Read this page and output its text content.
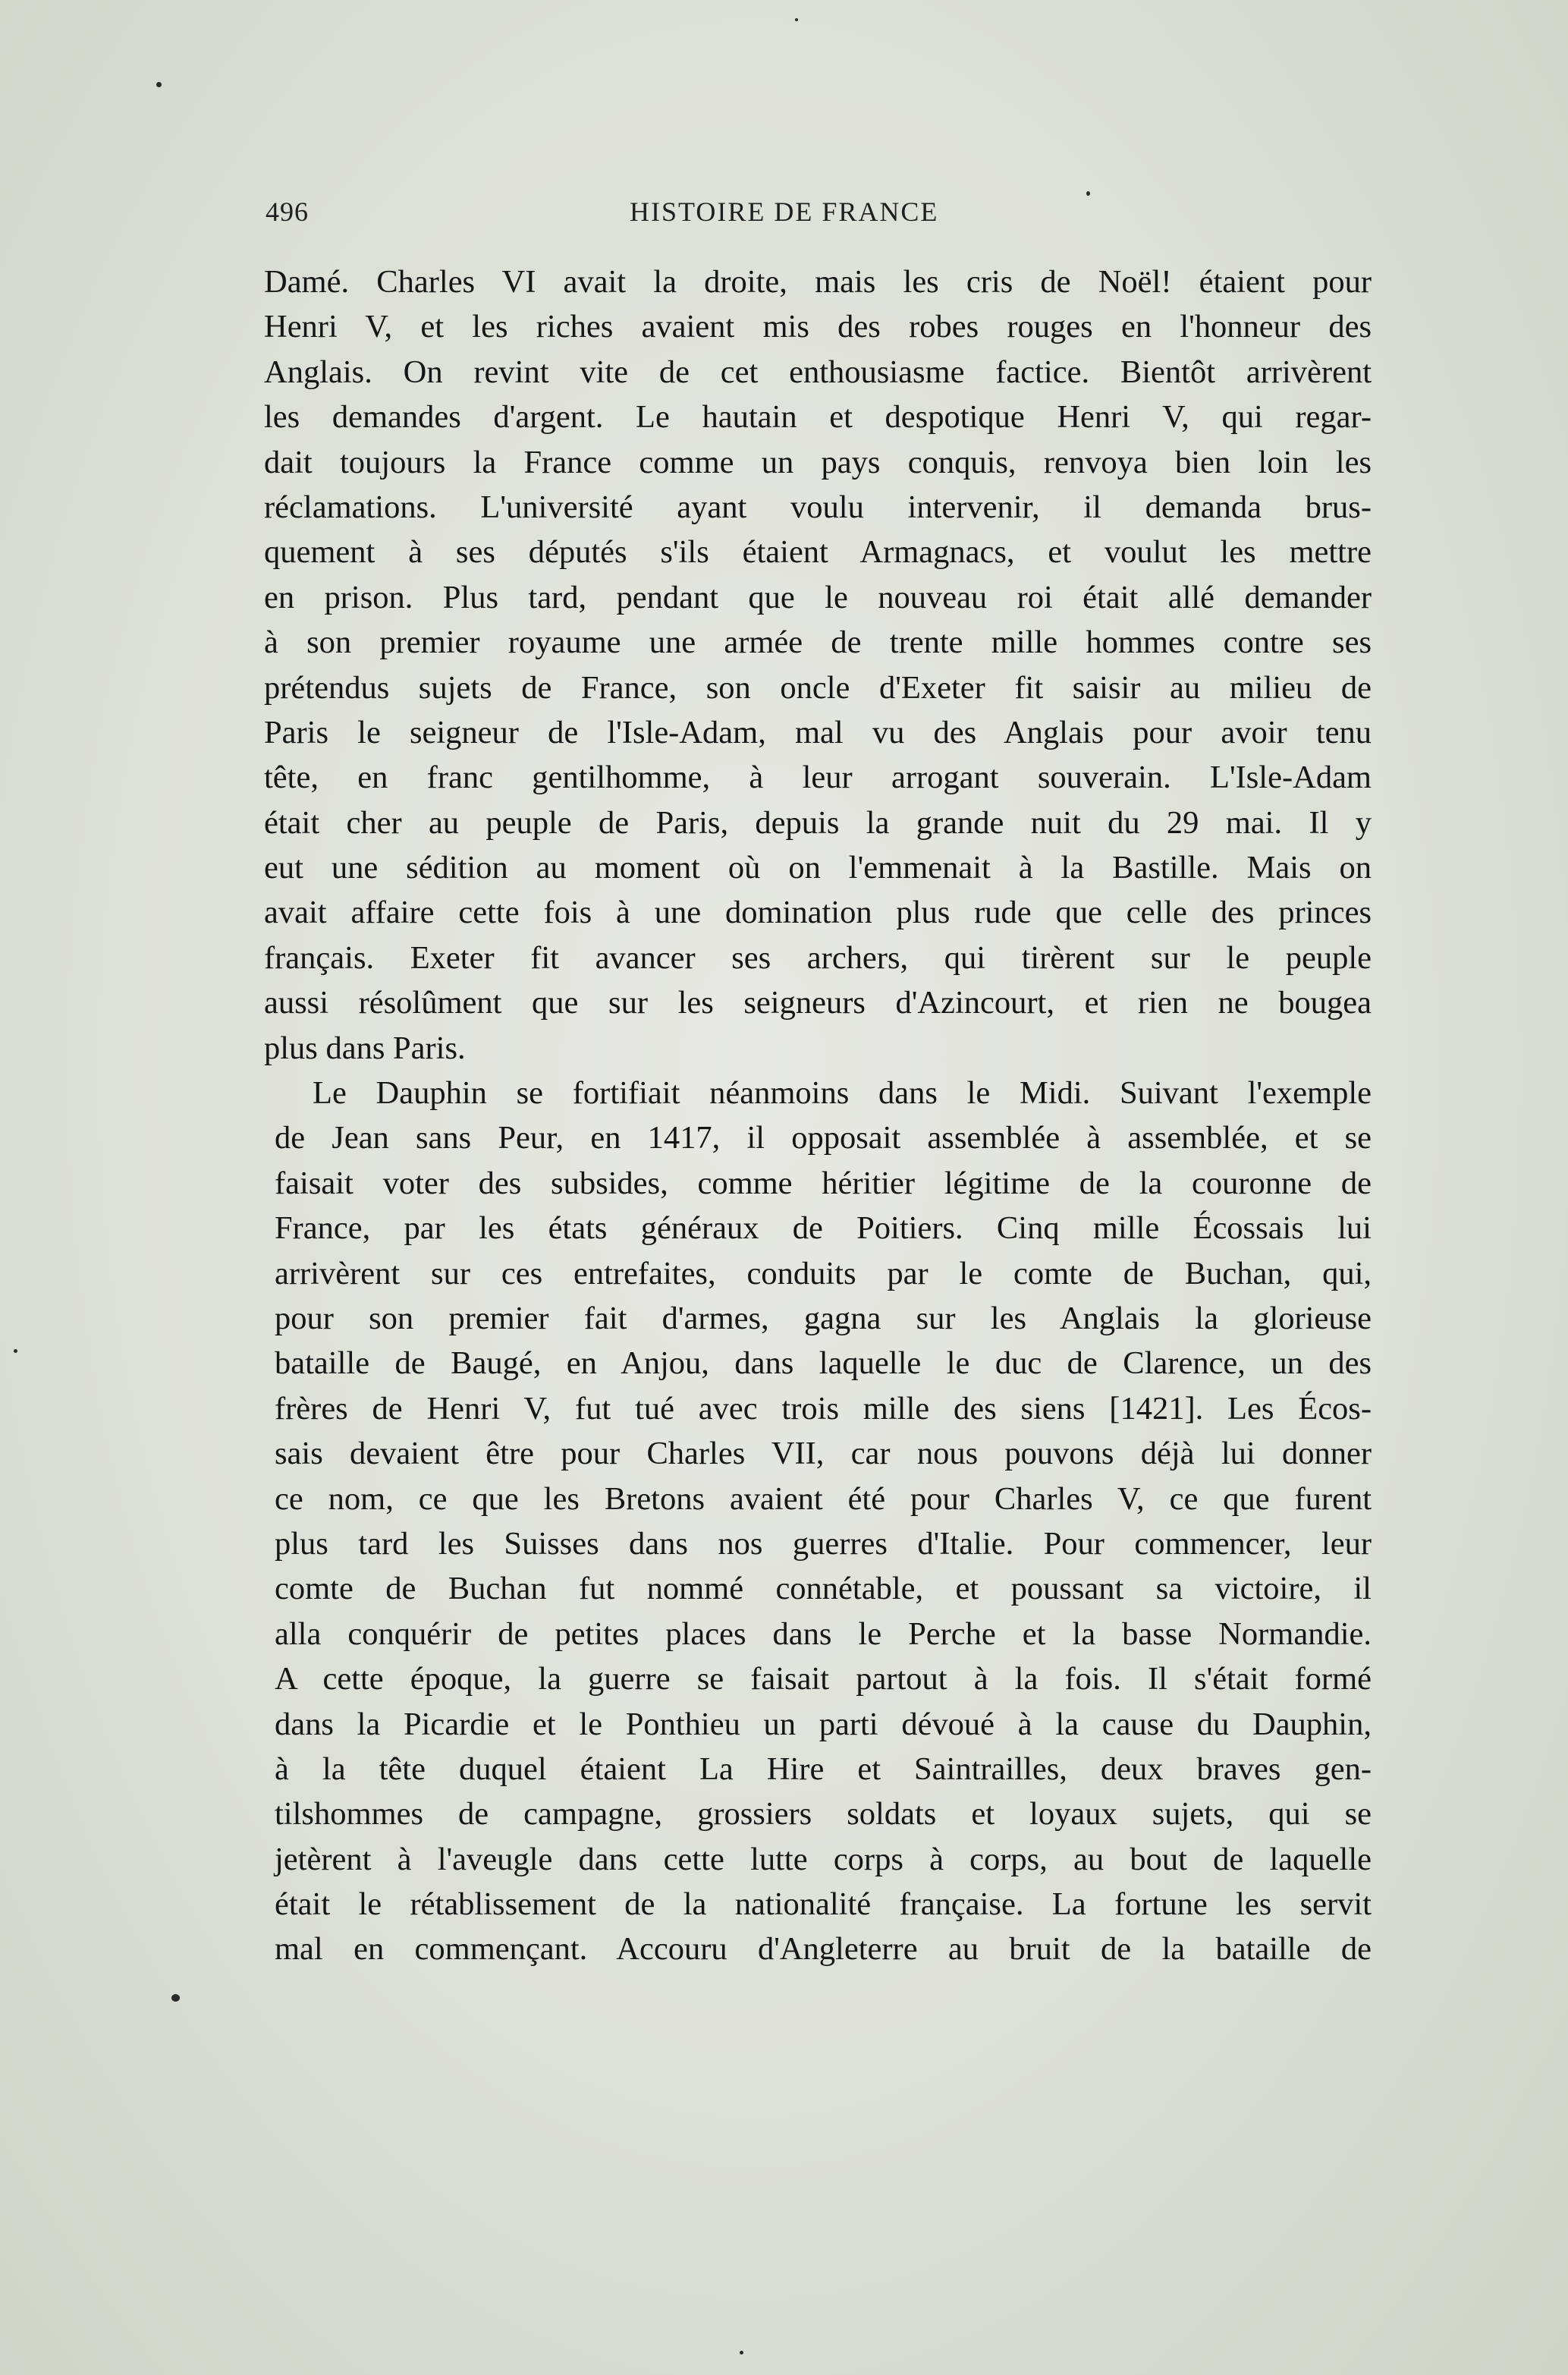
496	HISTOIRE DE FRANCE
Damé. Charles VI avait la droite, mais les cris de Noël! étaient pour
Henri V, et les riches avaient mis des robes rouges en l'honneur des
Anglais. On revint vite de cet enthousiasme factice. Bientôt arrivèrent
les demandes d'argent. Le hautain et despotique Henri V, qui regar-
dait toujours la France comme un pays conquis, renvoya bien loin les
réclamations. L'université ayant voulu intervenir, il demanda brus-
quement à ses députés s'ils étaient Armagnacs, et voulut les mettre
en prison. Plus tard, pendant que le nouveau roi était allé demander
à son premier royaume une armée de trente mille hommes contre ses
prétendus sujets de France, son oncle d'Exeter fit saisir au milieu de
Paris le seigneur de l'Isle-Adam, mal vu des Anglais pour avoir tenu
tête, en franc gentilhomme, à leur arrogant souverain. L'Isle-Adam
était cher au peuple de Paris, depuis la grande nuit du 29 mai. Il y
eut une sédition au moment où on l'emmenait à la Bastille. Mais on
avait affaire cette fois à une domination plus rude que celle des princes
français. Exeter fit avancer ses archers, qui tirèrent sur le peuple
aussi résolûment que sur les seigneurs d'Azincourt, et rien ne bougea
plus dans Paris.
Le Dauphin se fortifiait néanmoins dans le Midi. Suivant l'exemple
de Jean sans Peur, en 1417, il opposait assemblée à assemblée, et se
faisait voter des subsides, comme héritier légitime de la couronne de
France, par les états généraux de Poitiers. Cinq mille Écossais lui
arrivèrent sur ces entrefaites, conduits par le comte de Buchan, qui,
pour son premier fait d'armes, gagna sur les Anglais la glorieuse
bataille de Baugé, en Anjou, dans laquelle le duc de Clarence, un des
frères de Henri V, fut tué avec trois mille des siens [1421]. Les Écos-
sais devaient être pour Charles VII, car nous pouvons déjà lui donner
ce nom, ce que les Bretons avaient été pour Charles V, ce que furent
plus tard les Suisses dans nos guerres d'Italie. Pour commencer, leur
comte de Buchan fut nommé connétable, et poussant sa victoire, il
alla conquérir de petites places dans le Perche et la basse Normandie.
A cette époque, la guerre se faisait partout à la fois. Il s'était formé
dans la Picardie et le Ponthieu un parti dévoué à la cause du Dauphin,
à la tête duquel étaient La Hire et Saintrailles, deux braves gen-
tilshommes de campagne, grossiers soldats et loyaux sujets, qui se
jetèrent à l'aveugle dans cette lutte corps à corps, au bout de laquelle
était le rétablissement de la nationalité française. La fortune les servit
mal en commençant. Accouru d'Angleterre au bruit de la bataille de
